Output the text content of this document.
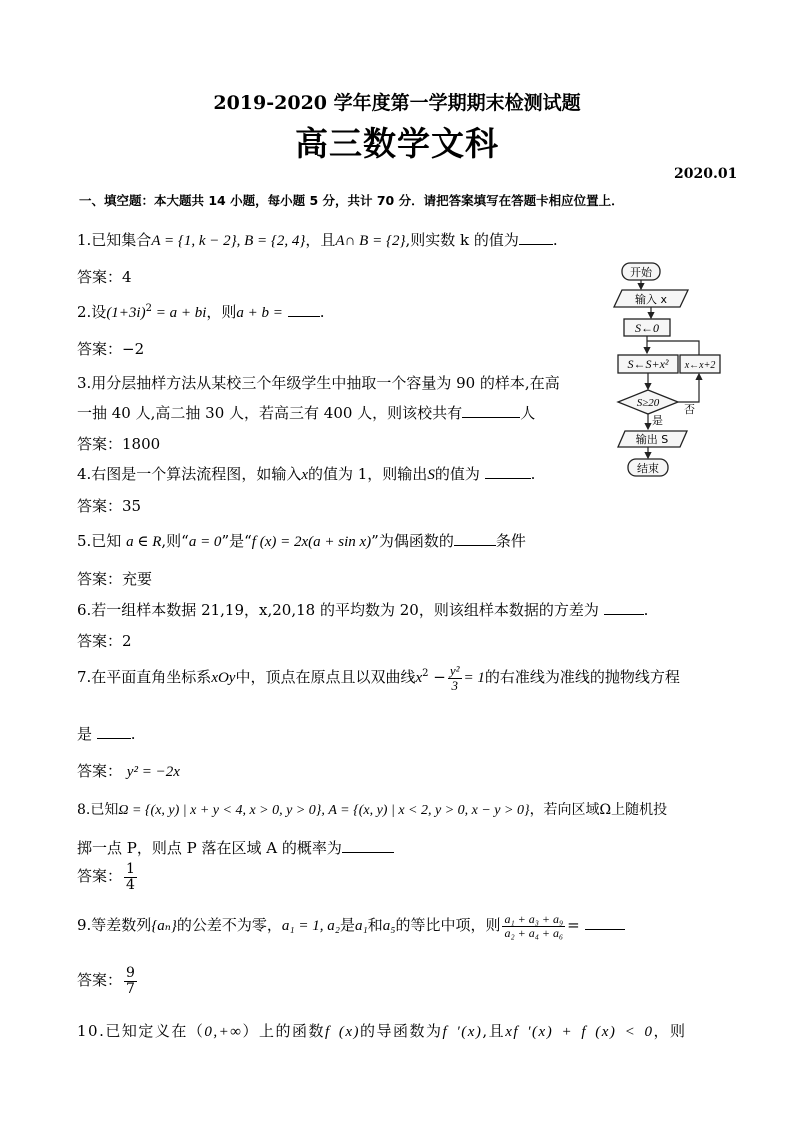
2019-2020 学年度第一学期期末检测试题
高三数学文科
2020.01
一、填空题：本大题共 14 小题，每小题 5 分，共计 70 分．请把答案填写在答题卡相应位置上．
1.已知集合A = {1, k − 2}, B = {2, 4}，且A∩ B = {2},则实数 k 的值为 .
答案：4
2.设$(1+3i)^2 = a$ + bi，则a + b = .
答案：−2
3.用分层抽样方法从某校三个年级学生中抽取一个容量为 90 的样本,在高
一抽 40 人,高二抽 30 人，若高三有 400 人，则该校共有	人
答案：1800
4.右图是一个算法流程图，如输入x的值为 1，则输出S的值为	.
答案：35
5.已知 a ∈ R,则“a = 0”是“f (x) = 2x(a + sin x)”为偶函数的	条件
答案：充要
6.若一组样本数据 21,19，x,20,18 的平均数为 20，则该组样本数据的方差为	.
答案：2
7.在平面直角坐标系xOy中，顶点在原点且以双曲线$x^2 - \frac{\text{y²}}{3} = 1$的右准线为准线的抛物线方程
是	.
答案： y² = −2x
8.已知Ω = {(x, y) | x + y < 4, x > 0, y > 0}, A = {(x, y) | x < 2, y > 0, x − y > 0}，若向区域Ω上随机投
掷一点 P，则点 P 落在区域 A 的概率为
答案： $\frac{1}{4}$
9.等差数列{aₙ}的公差不为零，a₁ = 1, a₂是a₁和a₅的等比中项，则 $\frac{\text{a₁ + a₃ + a₉}}{\text{a₂ + a₄ + a₆}}$ =
答案： $\frac{9}{7}$
10.已知定义在（0,+∞）上的函数f (x)的导函数为f ′(x),且xf ′(x) + f (x) < 0，则
开始
输入 x
S←0
S←S+x² x←x+2
S≥20 否
是
输出 S
结束
